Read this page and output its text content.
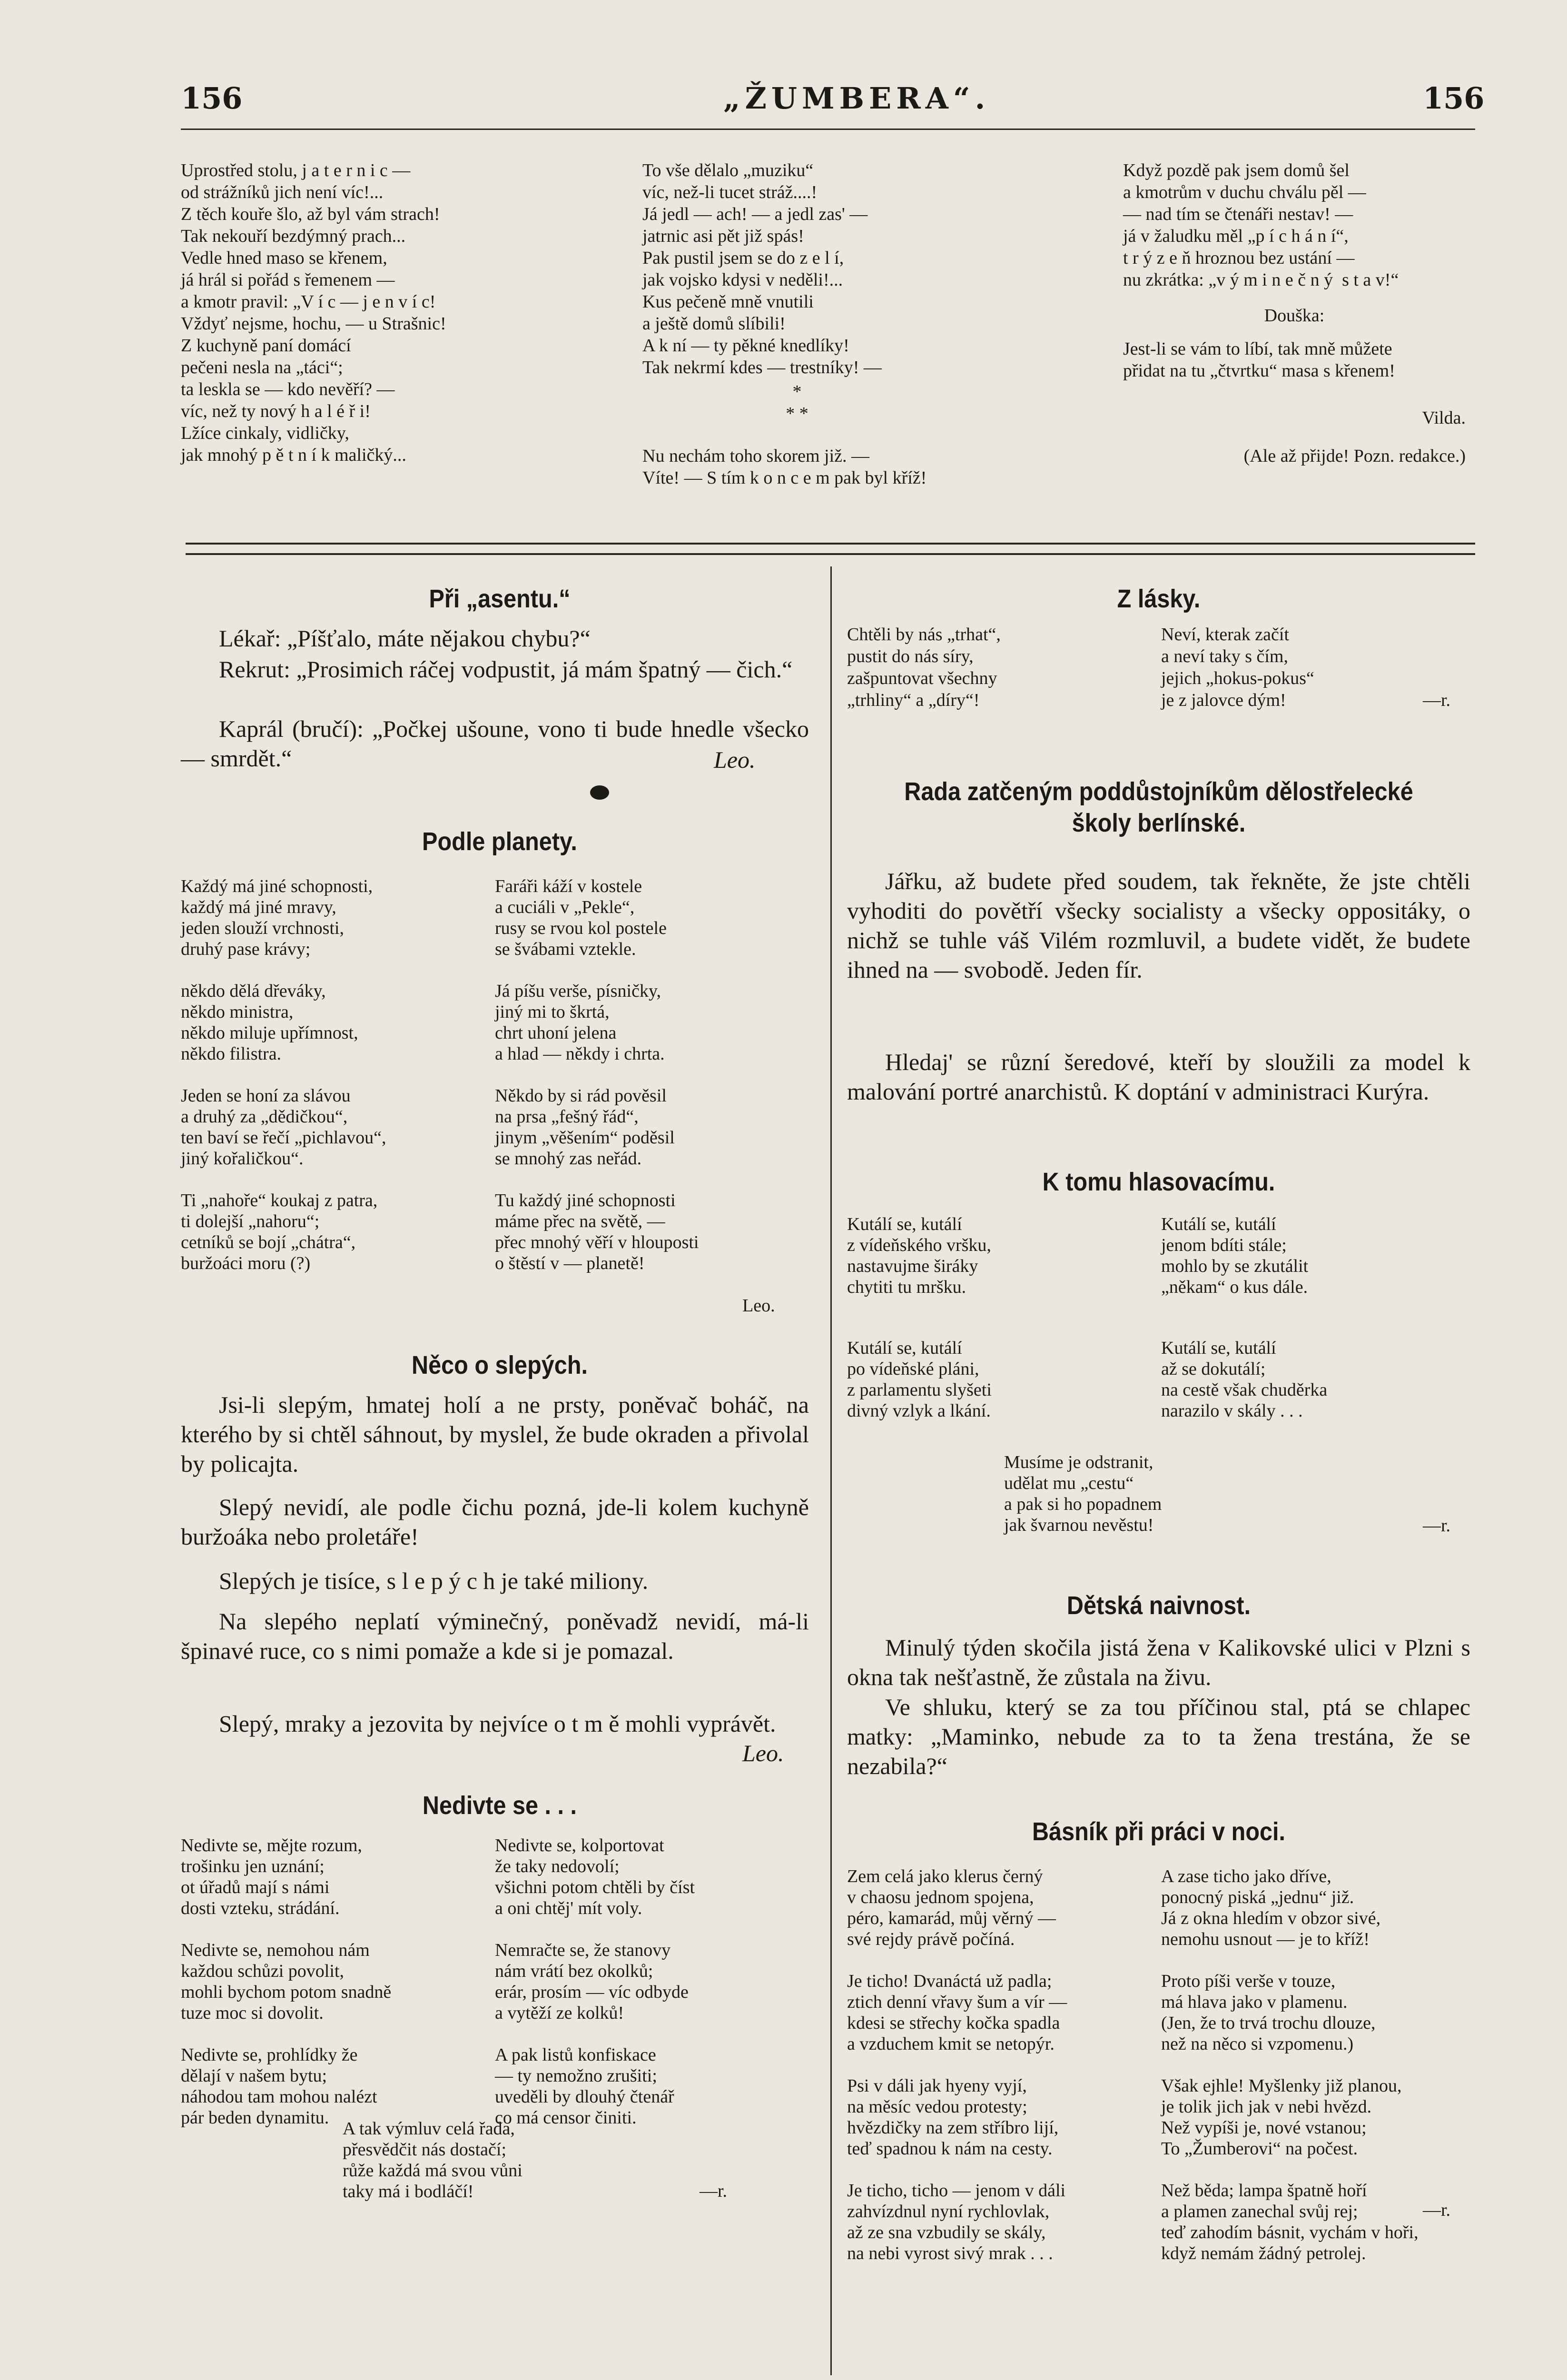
156	„ŽUMBERA“.	156
Uprostřed stolu, j a t e r n i c —
od strážníků jich není víc!...
Z těch kouře šlo, až byl vám strach!
Tak nekouří bezdýmný prach...
Vedle hned maso se křenem,
já hrál si pořád s řemenem —
a kmotr pravil: „V í c — j e n v í c!
Vždyť nejsme, hochu, — u Strašnic!
Z kuchyně paní domácí
pečeni nesla na „táci“;
ta leskla se — kdo nevěří? —
víc, než ty nový h a l é ř i!
Lžíce cinkaly, vidličky,
jak mnohý p ě t n í k maličký...
To vše dělalo „muziku“
víc, než-li tucet stráž....!
Já jedl — ach! — a jedl zas' —
jatrnic asi pět již spás!
Pak pustil jsem se do z e l í,
jak vojsko kdysi v neděli!...
Kus pečeně mně vnutili
a ještě domů slíbili!
A k ní — ty pěkné knedlíky!
Tak nekrmí kdes — trestníky! —
*
* *
Nu nechám toho skorem již. —
Víte! — S tím k o n c e m pak byl kříž!
Když pozdě pak jsem domů šel
a kmotrům v duchu chválu pěl —
— nad tím se čtenáři nestav! —
já v žaludku měl „p í c h á n í“,
t r ý z e ň hroznou bez ustání —
nu zkrátka: „v ý m i n e č n ý  s t a v!“
Douška:
Jest-li se vám to líbí, tak mně můžete
přidat na tu „čtvrtku“ masa s křenem!
Vilda.
(Ale až přijde! Pozn. redakce.)
Při „asentu.“
Lékař: „Píšťalo, máte nějakou chybu?“
Rekrut: „Prosimich ráčej vodpustit, já mám špatný — čich.“
Kaprál (bručí): „Počkej ušoune, vono ti bude hnedle všecko — smrdět.“	Leo.
Podle planety.
Každý má jiné schopnosti,
každý má jiné mravy,
jeden slouží vrchnosti,
druhý pase krávy;

někdo dělá dřeváky,
někdo ministra,
někdo miluje upřímnost,
někdo filistra.

Jeden se honí za slávou
a druhý za „dědičkou“,
ten baví se řečí „pichlavou“,
jiný kořaličkou“.

Ti „nahoře“ koukaj z patra,
ti dolejší „nahoru“;
cetníků se bojí „chátra“,
buržoáci moru (?)
Faráři káží v kostele
a cuciáli v „Pekle“,
rusy se rvou kol postele
se švábami vztekle.

Já píšu verše, písničky,
jiný mi to škrtá,
chrt uhoní jelena
a hlad — někdy i chrta.

Někdo by si rád pověsil
na prsa „fešný řád“,
jinym „věšením“ poděsil
se mnohý zas neřád.

Tu každý jiné schopnosti
máme přec na světě, —
přec mnohý věří v hlouposti
o štěstí v — planetě!
Leo.
Něco o slepých.
Jsi-li slepým, hmatej holí a ne prsty, poněvač boháč, na kterého by si chtěl sáhnout, by myslel, že bude okraden a přivolal by policajta.
Slepý nevidí, ale podle čichu pozná, jde-li kolem kuchyně buržoáka nebo proletáře!
Slepých je tisíce, s l e p ý c h je také miliony.
Na slepého neplatí výminečný, poněvadž nevidí, má-li špinavé ruce, co s nimi pomaže a kde si je pomazal.
Slepý, mraky a jezovita by nejvíce o t m ě mohli vyprávět.
Leo.
Nedivte se . . .
Nedivte se, mějte rozum,
trošinku jen uznání;
ot úřadů mají s námi
dosti vzteku, strádání.

Nedivte se, nemohou nám
každou schůzi povolit,
mohli bychom potom snadně
tuze moc si dovolit.

Nedivte se, prohlídky že
dělají v našem bytu;
náhodou tam mohou nalézt
pár beden dynamitu.
Nedivte se, kolportovat
že taky nedovolí;
všichni potom chtěli by číst
a oni chtěj' mít voly.

Nemračte se, že stanovy
nám vrátí bez okolků;
erár, prosím — víc odbyde
a vytěží ze kolků!

A pak listů konfiskace
— ty nemožno zrušiti;
uveděli by dlouhý čtenář
co má censor činiti.
A tak výmluv celá řada,
přesvědčit nás dostačí;
růže každá má svou vůni
taky má i bodláčí!	—r.
Z lásky.
Chtěli by nás „trhat“,
pustit do nás síry,
zašpuntovat všechny
„trhliny“ a „díry“!
Neví, kterak začít
a neví taky s čím,
jejich „hokus-pokus“
je z jalovce dým!	—r.
Rada zatčeným poddůstojníkům dělostřelecké školy berlínské.
Jářku, až budete před soudem, tak řekněte, že jste chtěli vyhoditi do povětří všecky socialisty a všecky oppositáky, o nichž se tuhle váš Vilém rozmluvil, a budete vidět, že budete ihned na — svobodě. Jeden fír.
Hledaj' se různí šeredové, kteří by sloužili za model k malování portré anarchistů. K doptání v administraci Kurýra.
K tomu hlasovacímu.
Kutálí se, kutálí
z vídeňského vršku,
nastavujme širáky
chytiti tu mršku.
Kutálí se, kutálí
jenom bdíti stále;
mohlo by se zkutálit
„někam“ o kus dále.
Kutálí se, kutálí
po vídeňské pláni,
z parlamentu slyšeti
divný vzlyk a lkání.
Kutálí se, kutálí
až se dokutálí;
na cestě však chuděrka
narazilo v skály . . .
Musíme je odstranit,
udělat mu „cestu“
a pak si ho popadnem
jak švarnou nevěstu!	—r.
Dětská naivnost.
Minulý týden skočila jistá žena v Kalikovské ulici v Plzni s okna tak nešťastně, že zůstala na živu.
Ve shluku, který se za tou příčinou stal, ptá se chlapec matky: „Maminko, nebude za to ta žena trestána, že se nezabila?“
Básník při práci v noci.
Zem celá jako klerus černý
v chaosu jednom spojena,
péro, kamarád, můj věrný —
své rejdy právě počíná.

Je ticho! Dvanáctá už padla;
ztich denní vřavy šum a vír —
kdesi se střechy kočka spadla
a vzduchem kmit se netopýr.

Psi v dáli jak hyeny vyjí,
na měsíc vedou protesty;
hvězdičky na zem stříbro lijí,
teď spadnou k nám na cesty.

Je ticho, ticho — jenom v dáli
zahvízdnul nyní rychlovlak,
až ze sna vzbudily se skály,
na nebi vyrost sivý mrak . . .
A zase ticho jako dříve,
ponocný piská „jednu“ již.
Já z okna hledím v obzor sivé,
nemohu usnout — je to kříž!

Proto píši verše v touze,
má hlava jako v plamenu.
(Jen, že to trvá trochu dlouze,
než na něco si vzpomenu.)

Však ejhle! Myšlenky již planou,
je tolik jich jak v nebi hvězd.
Než vypíši je, nové vstanou;
To „Žumberovi“ na počest.

Než běda; lampa špatně hoří
a plamen zanechal svůj rej;
teď zahodím básnit, vychám v hoři,
když nemám žádný petrolej.
—r.
